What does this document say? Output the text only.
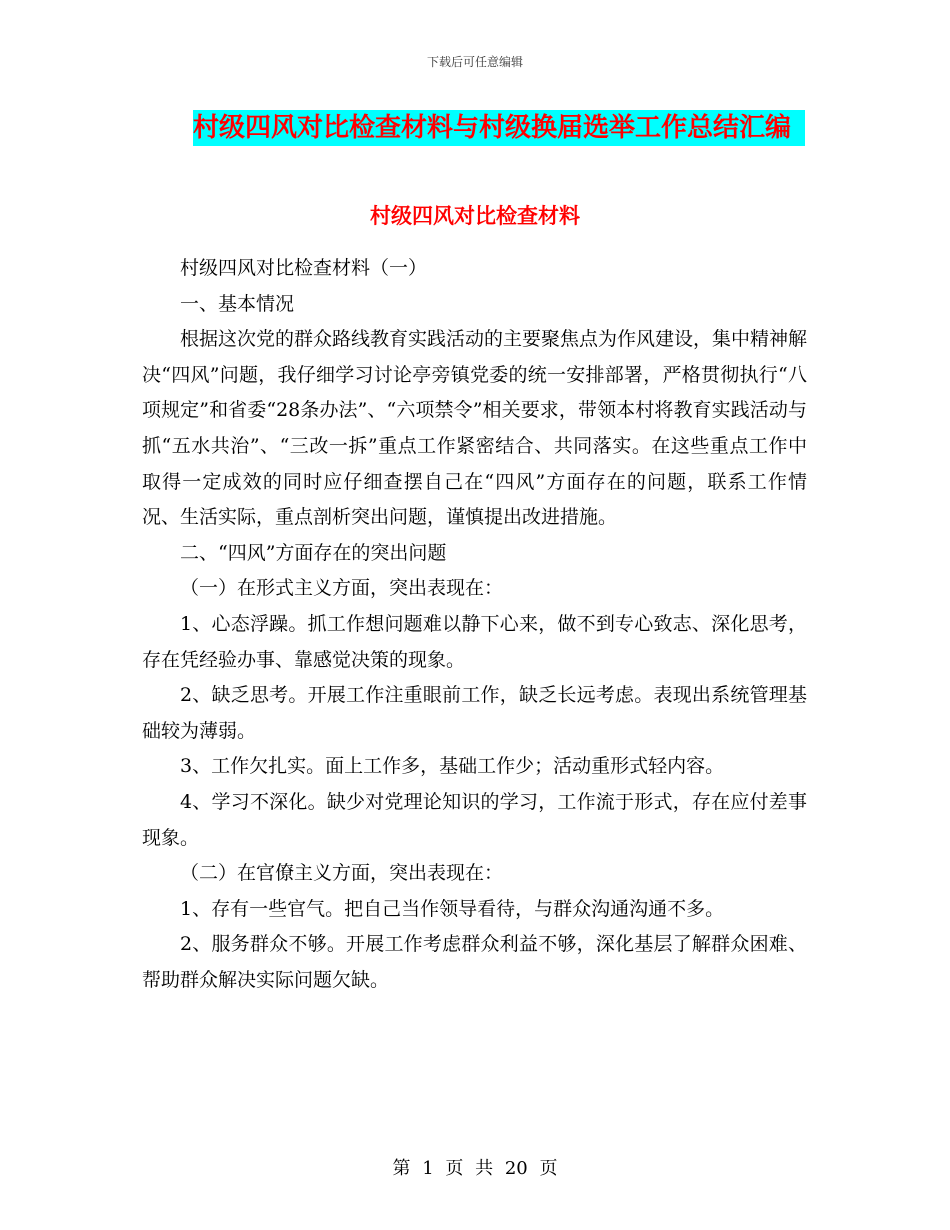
下载后可任意编辑
村级四风对比检查材料与村级换届选举工作总结汇编
村级四风对比检查材料

村级四风对比检查材料（一）

一、基本情况

根据这次党的群众路线教育实践活动的主要聚焦点为作风建设，集中精神解决“四风”问题，我仔细学习讨论亭旁镇党委的统一安排部署，严格贯彻执行“八项规定”和省委“28条办法”、“六项禁令”相关要求，带领本村将教育实践活动与抓“五水共治”、“三改一拆”重点工作紧密结合、共同落实。在这些重点工作中取得一定成效的同时应仔细查摆自己在“四风”方面存在的问题，联系工作情况、生活实际，重点剖析突出问题，谨慎提出改进措施。

二、“四风”方面存在的突出问题

（一）在形式主义方面，突出表现在：

1、心态浮躁。抓工作想问题难以静下心来，做不到专心致志、深化思考，存在凭经验办事、靠感觉决策的现象。

2、缺乏思考。开展工作注重眼前工作，缺乏长远考虑。表现出系统管理基础较为薄弱。

3、工作欠扎实。面上工作多，基础工作少；活动重形式轻内容。

4、学习不深化。缺少对党理论知识的学习，工作流于形式，存在应付差事现象。

（二）在官僚主义方面，突出表现在：

1、存有一些官气。把自己当作领导看待，与群众沟通沟通不多。

2、服务群众不够。开展工作考虑群众利益不够，深化基层了解群众困难、帮助群众解决实际问题欠缺。

第 1 页 共 20 页
